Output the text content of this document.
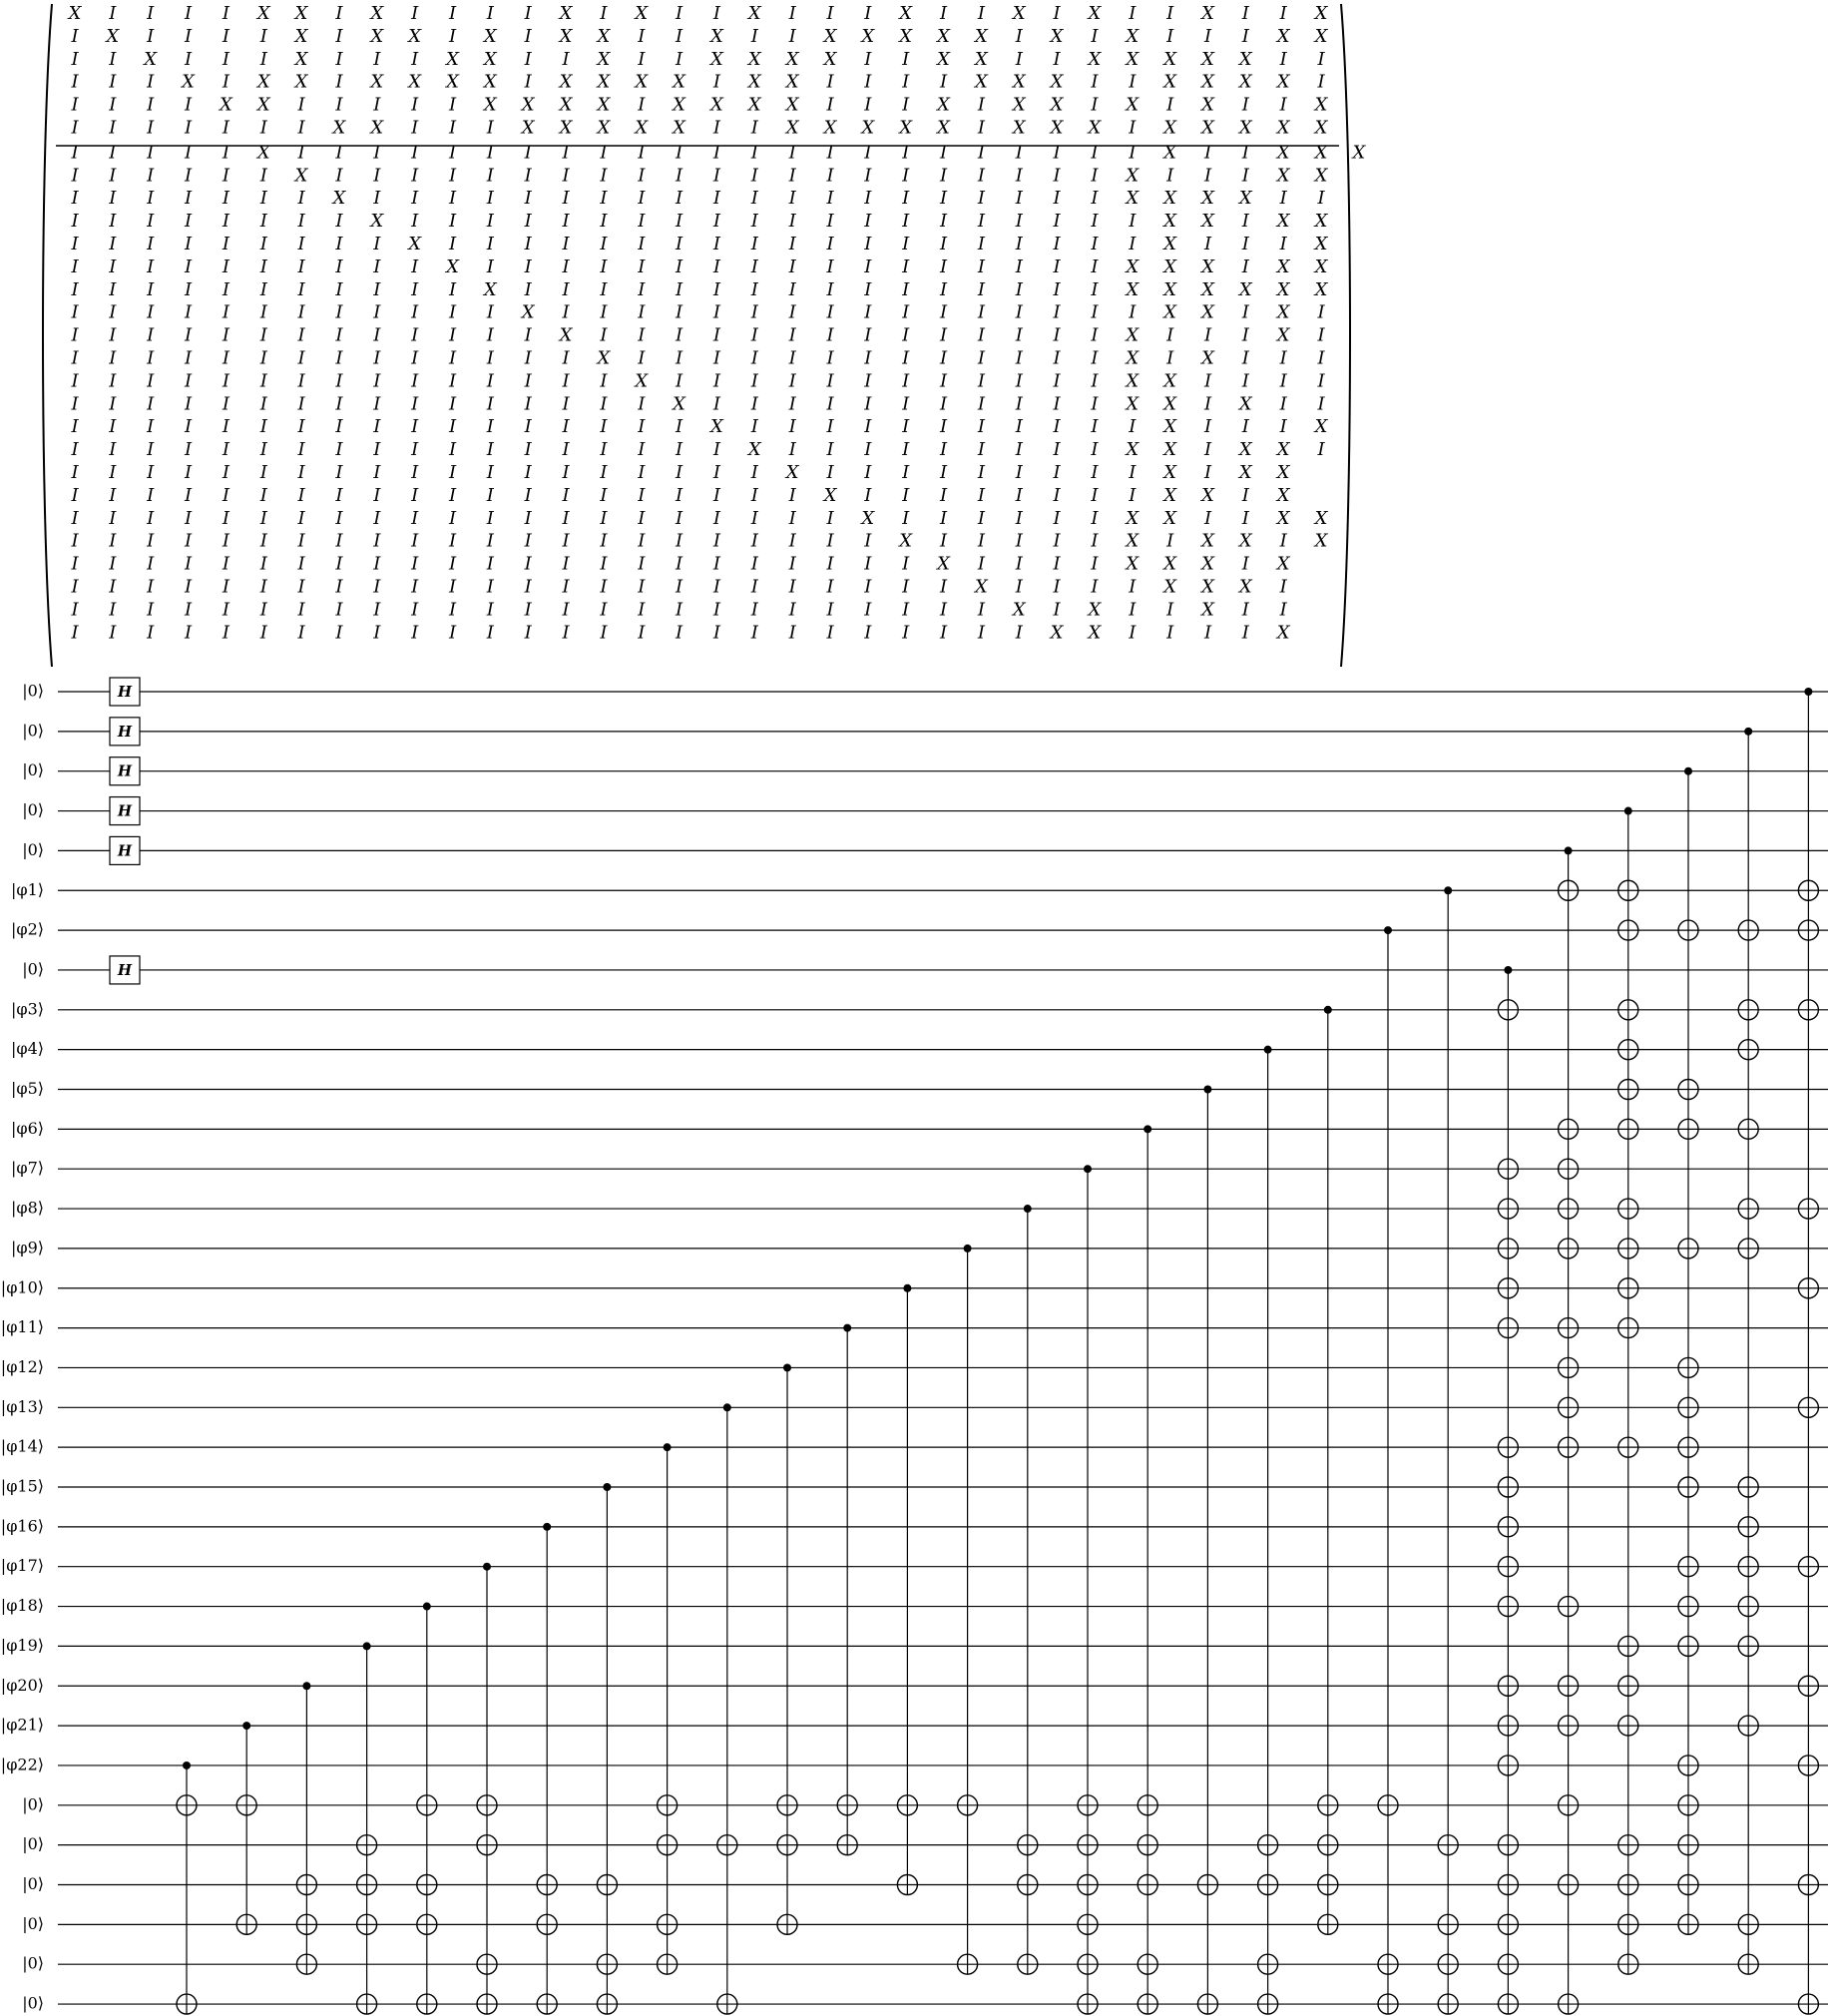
X I I I I X X I X I I I I X I X I I X I I I X I I X I X I I X I I X
I X I I I I X I X X I X I X X I I X I I X X X X X I X I X I I I X X
I I X I I I X I I I X X I I X I I X X X X I I X X I I X X X X X I I
I I I X I X X I X X X X I X X X X I X X I I I I X X X I I X X X X I
I I I I X X I I I I I X X X X I X X X X I I I X I X X I X I X I I X
I I I I I I I X X I I I X X X X X I I X X X X X I X X X I X X X X X
I I I I I X I I I I I I I I I I I I I I I I I I I I I I I X I I X X X
I I I I I I X I I I I I I I I I I I I I I I I I I I I I X I I I X X
I I I I I I I X I I I I I I I I I I I I I I I I I I I I X X X X I I
I I I I I I I I X I I I I I I I I I I I I I I I I I I I I X X I X X
I I I I I I I I I X I I I I I I I I I I I I I I I I I I I X I I I X
I I I I I I I I I I X I I I I I I I I I I I I I I I I I X X X I X X
I I I I I I I I I I I X I I I I I I I I I I I I I I I I X X X X X X
I I I I I I I I I I I I X I I I I I I I I I I I I I I I I X X I X I
I I I I I I I I I I I I I X I I I I I I I I I I I I I I X I I I X I
I I I I I I I I I I I I I I X I I I I I I I I I I I I I X I X I I I
I I I I I I I I I I I I I I I X I I I I I I I I I I I I X X I I I I
I I I I I I I I I I I I I I I I X I I I I I I I I I I I X X I X I I
I I I I I I I I I I I I I I I I I X I I I I I I I I I I I X I I I X
I I I I I I I I I I I I I I I I I I X I I I I I I I I I X X I X X I
I I I I I I I I I I I I I I I I I I I X I I I I I I I I I X I X X
I I I I I I I I I I I I I I I I I I I I X I I I I I I I I X X I X
I I I I I I I I I I I I I I I I I I I I I X I I I I I I X X I I X X
I I I I I I I I I I I I I I I I I I I I I I X I I I I I X I X X I X
I I I I I I I I I I I I I I I I I I I I I I I X I I I I X X X I X
I I I I I I I I I I I I I I I I I I I I I I I I X I I I I X X X I
I I I I I I I I I I I I I I I I I I I I I I I I I X I X I I X I I
I I I I I I I I I I I I I I I I I I I I I I I I I I X X I I I I X
H
H
H
H
H
H
|0⟩
|0⟩
|0⟩
|0⟩
|0⟩
|φ1⟩
|φ2⟩
|0⟩
|φ3⟩
|φ4⟩
|φ5⟩
|φ6⟩
|φ7⟩
|φ8⟩
|φ9⟩
|φ10⟩
|φ11⟩
|φ12⟩
|φ13⟩
|φ14⟩
|φ15⟩
|φ16⟩
|φ17⟩
|φ18⟩
|φ19⟩
|φ20⟩
|φ21⟩
|φ22⟩
|0⟩
|0⟩
|0⟩
|0⟩
|0⟩
|0⟩
